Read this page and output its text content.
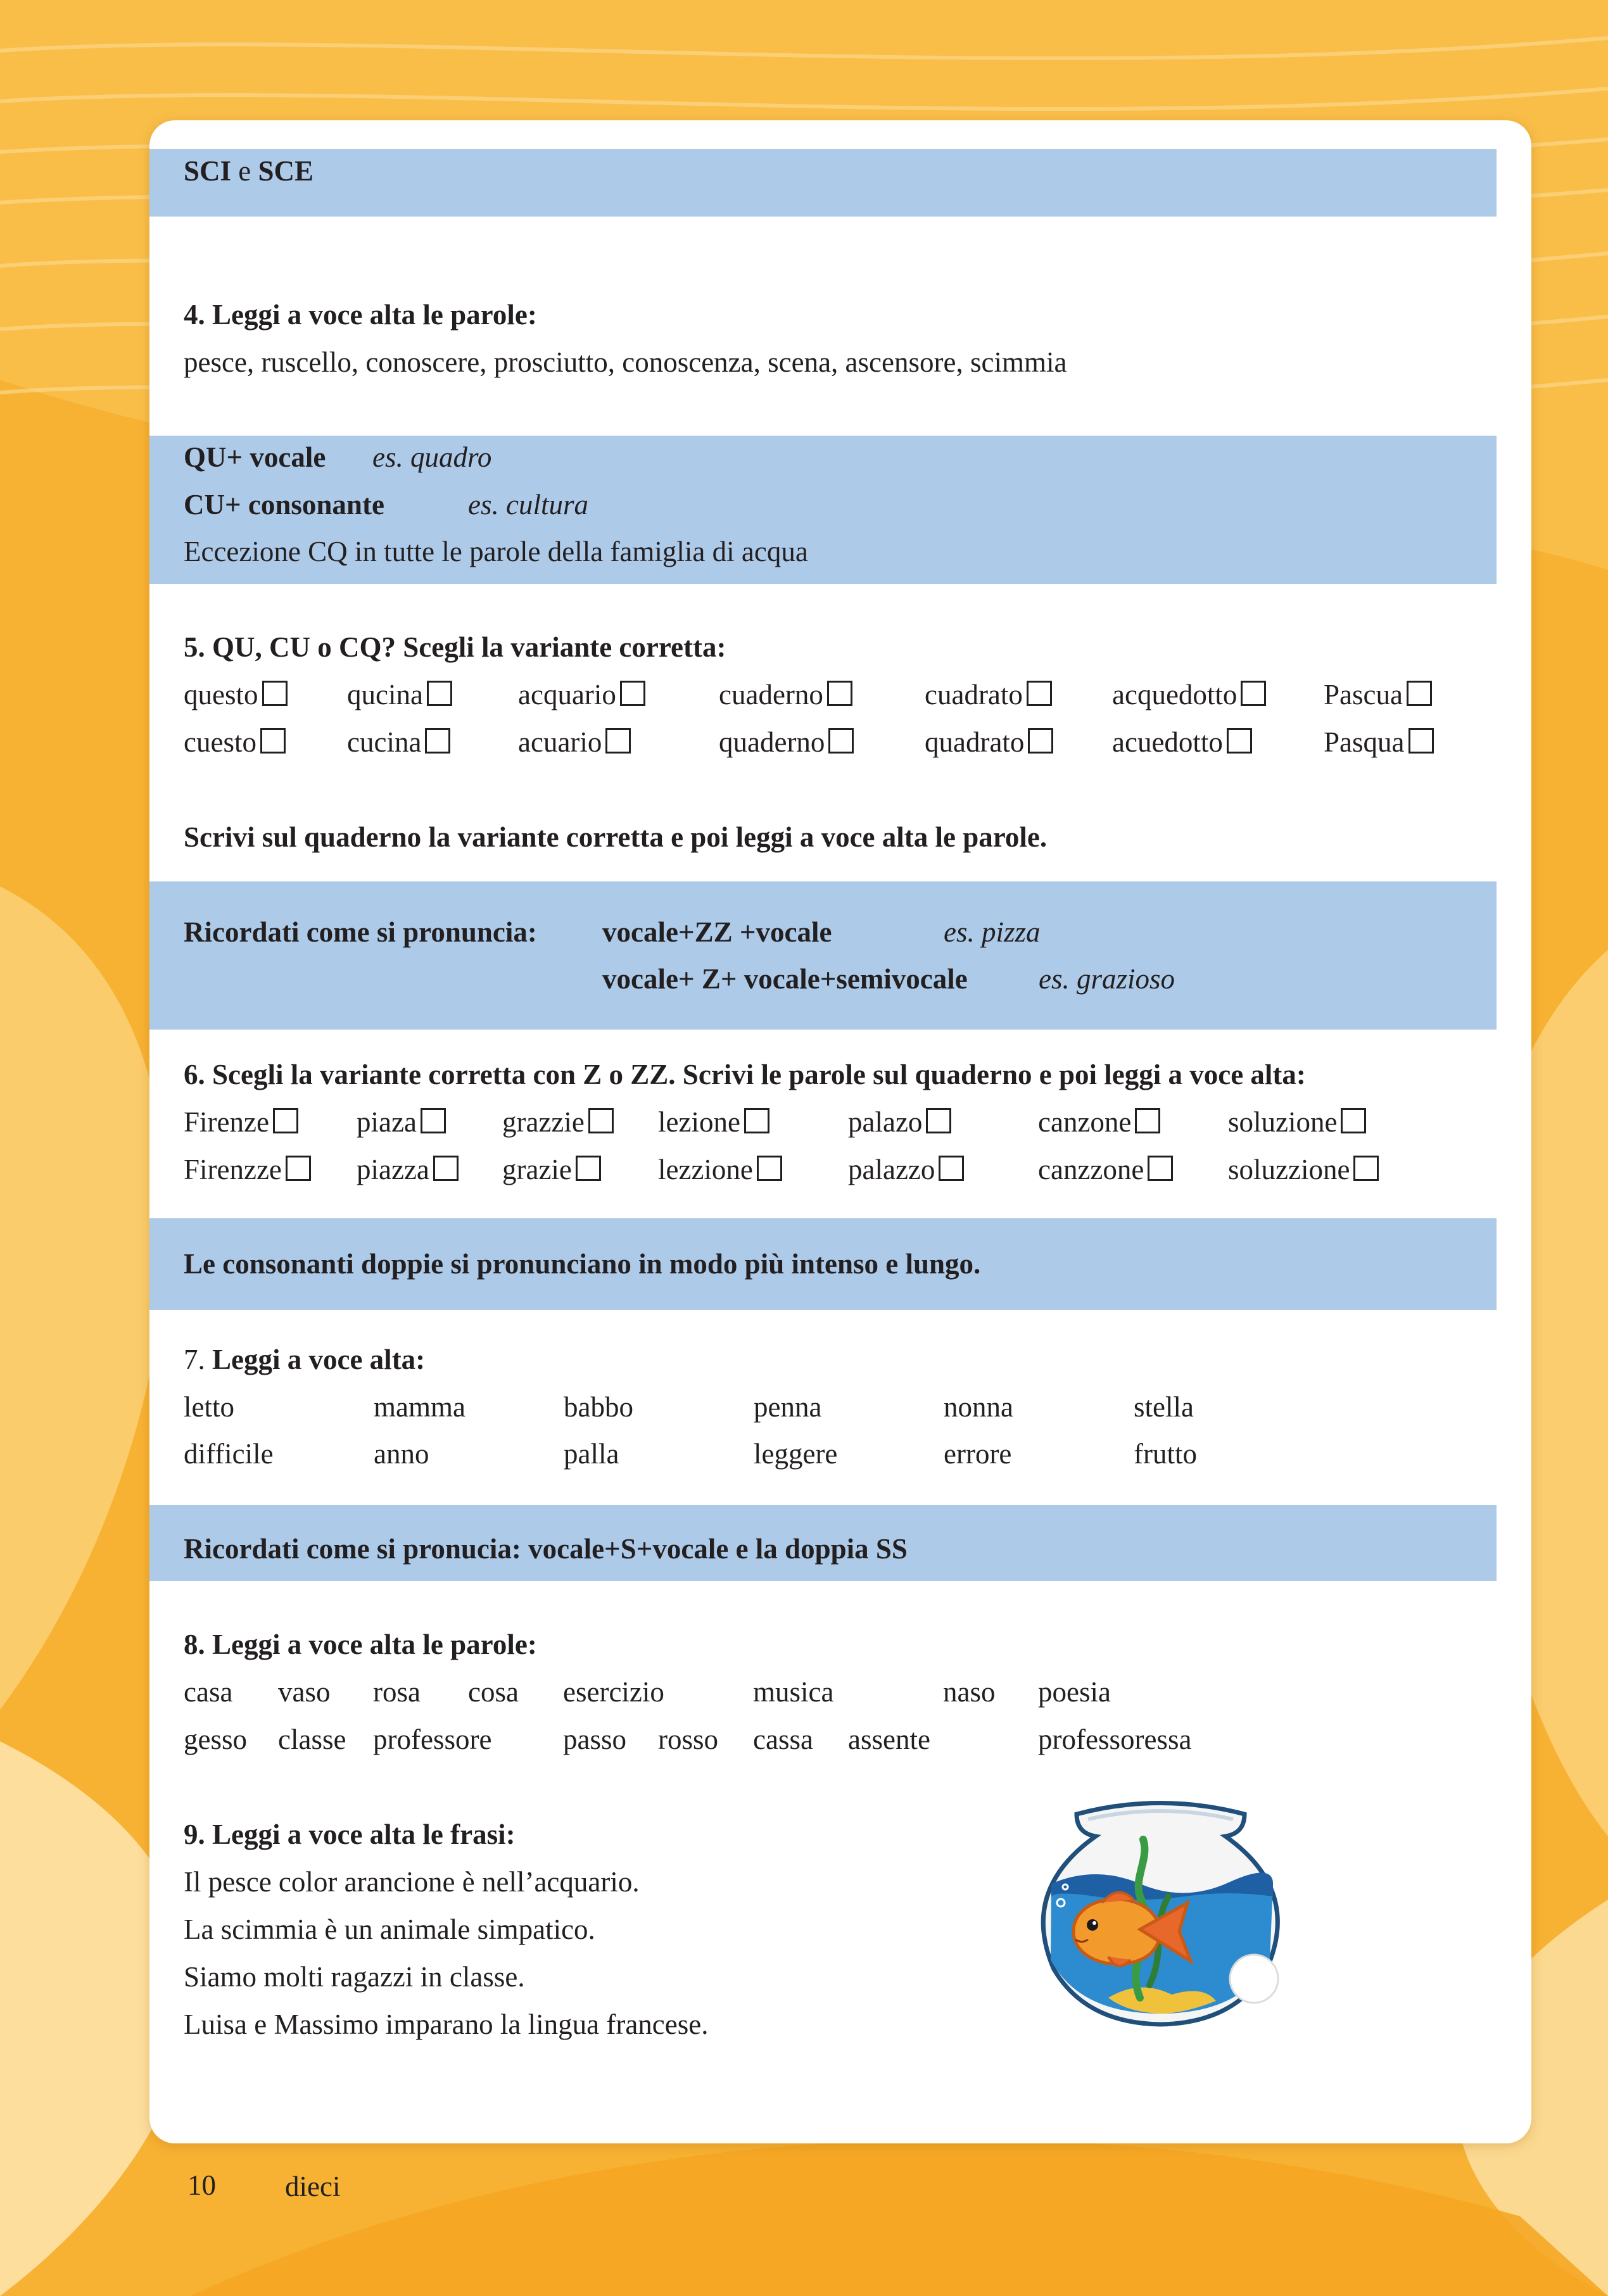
SCI e SCE
4. Leggi a voce alta le parole:
pesce, ruscello, conoscere, prosciutto, conoscenza, scena, ascensore, scimmia
QU+ vocale es. quadro
CU+ consonante	es. cultura
Eccezione CQ in tutte le parole della famiglia di acqua
5. QU, CU o CQ? Scegli la variante corretta:
questo	qucina	acquario	cuaderno	cuadrato	acquedotto	Pascua
cuesto	cucina	acuario	quaderno	quadrato	acuedotto	Pasqua
Scrivi sul quaderno la variante corretta e poi leggi a voce alta le parole.
Ricordati come si pronuncia: vocale+ZZ +vocale	es. pizza
vocale+ Z+ vocale+semivocale es. grazioso
6. Scegli la variante corretta con Z o ZZ. Scrivi le parole sul quaderno e poi leggi a voce alta:
Firenze	piaza	grazzie	lezione	palazo	canzone	soluzione
Firenzze	piazza	grazie	lezzione	palazzo	canzzone	soluzzione
Le consonanti doppie si pronunciano in modo più intenso e lungo.
7. Leggi a voce alta:
letto	mamma	babbo	penna	nonna	stella
difficile	anno	palla	leggere	errore	frutto
Ricordati come si pronucia: vocale+S+vocale e la doppia SS
8. Leggi a voce alta le parole:
casa vaso rosa cosa esercizio	musica	naso poesia
gesso classe professore	passo rosso cassa assente	professoressa
9. Leggi a voce alta le frasi:
Il pesce color arancione è nell’acquario.
La scimmia è un animale simpatico.
Siamo molti ragazzi in classe.
Luisa e Massimo imparano la lingua francese.
10 dieci
